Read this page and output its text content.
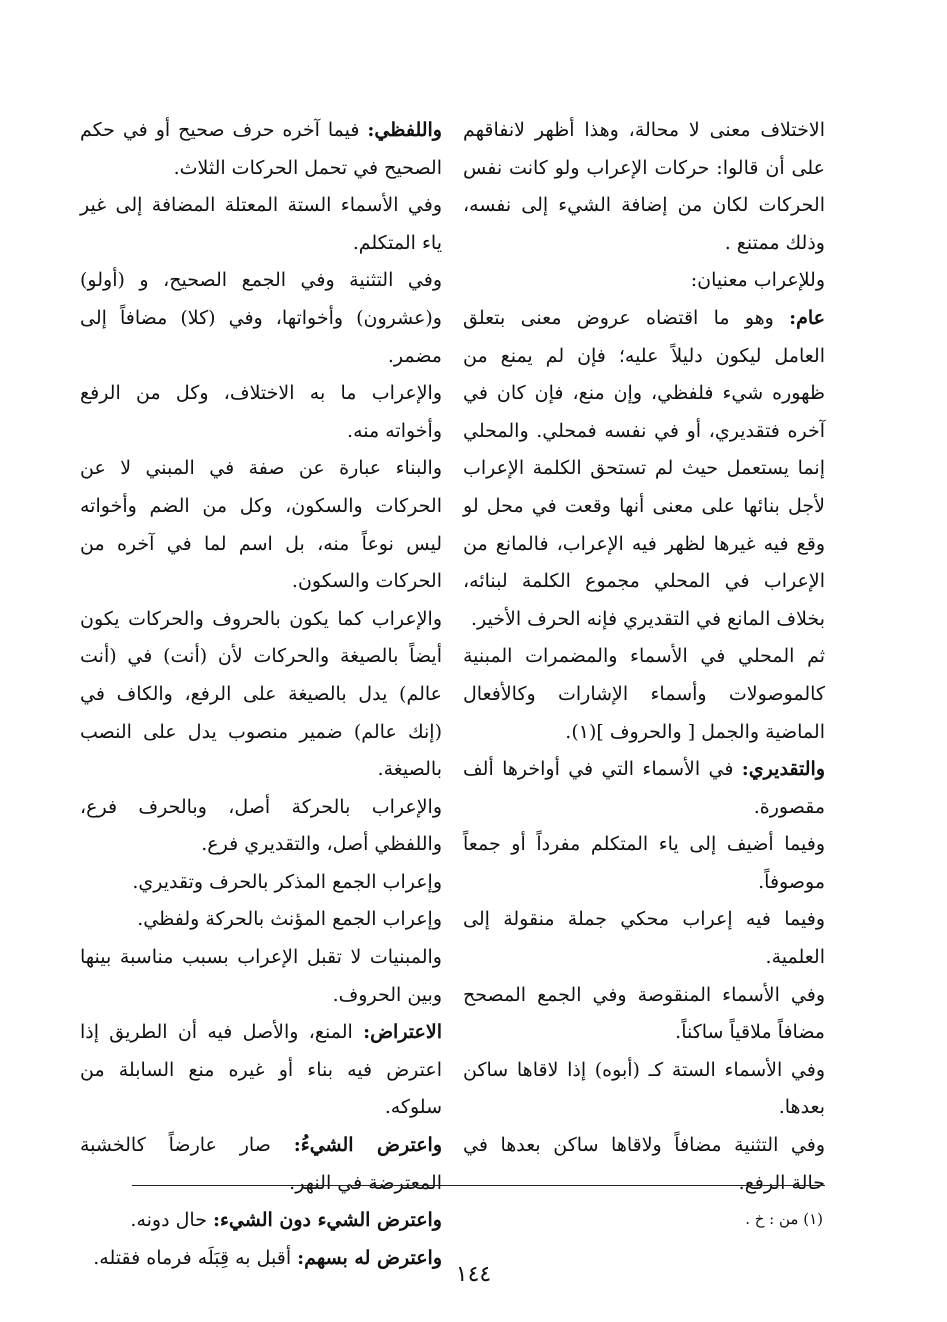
الاختلاف معنى لا محالة، وهذا أظهر لانفاقهم على أن قالوا: حركات الإعراب ولو كانت نفس الحركات لكان من إضافة الشيء إلى نفسه، وذلك ممتنع .

وللإعراب معنيان:

عام: وهو ما اقتضاه عروض معنى بتعلق العامل ليكون دليلاً عليه؛ فإن لم يمنع من ظهوره شيء فلفظي، وإن منع، فإن كان في آخره فتقديري، أو في نفسه فمحلي. والمحلي إنما يستعمل حيث لم تستحق الكلمة الإعراب لأجل بنائها على معنى أنها وقعت في محل لو وقع فيه غيرها لظهر فيه الإعراب، فالمانع من الإعراب في المحلي مجموع الكلمة لبنائه، بخلاف المانع في التقديري فإنه الحرف الأخير.

ثم المحلي في الأسماء والمضمرات المبنية كالموصولات وأسماء الإشارات وكالأفعال الماضية والجمل [ والحروف ](١).

والتقديري: في الأسماء التي في أواخرها ألف مقصورة.

وفيما أضيف إلى ياء المتكلم مفرداً أو جمعاً موصوفاً.

وفيما فيه إعراب محكي جملة منقولة إلى العلمية.

وفي الأسماء المنقوصة وفي الجمع المصحح مضافاً ملاقياً ساكناً.

وفي الأسماء الستة كـ (أبوه) إذا لاقاها ساكن بعدها.

وفي التثنية مضافاً ولاقاها ساكن بعدها في حالة الرفع.

واللفظي: فيما آخره حرف صحيح أو في حكم الصحيح في تحمل الحركات الثلاث.

وفي الأسماء الستة المعتلة المضافة إلى غير ياء المتكلم.

وفي التثنية وفي الجمع الصحيح، و (أولو) و(عشرون) وأخواتها، وفي (كلا) مضافاً إلى مضمر.

والإعراب ما به الاختلاف، وكل من الرفع وأخواته منه.

والبناء عبارة عن صفة في المبني لا عن الحركات والسكون، وكل من الضم وأخواته ليس نوعاً منه، بل اسم لما في آخره من الحركات والسكون.

والإعراب كما يكون بالحروف والحركات يكون أيضاً بالصيغة والحركات لأن (أنت) في (أنت عالم) يدل بالصيغة على الرفع، والكاف في (إنك عالم) ضمير منصوب يدل على النصب بالصيغة.

والإعراب بالحركة أصل، وبالحرف فرع، واللفظي أصل، والتقديري فرع.

وإعراب الجمع المذكر بالحرف وتقديري.

وإعراب الجمع المؤنث بالحركة ولفظي.

والمبنيات لا تقبل الإعراب بسبب مناسبة بينها وبين الحروف.

الاعتراض: المنع، والأصل فيه أن الطريق إذا اعترض فيه بناء أو غيره منع السابلة من سلوكه.

واعترض الشيءُ: صار عارضاً كالخشبة المعترضة في النهر.

واعترض الشيء دون الشيء: حال دونه.

واعترض له بسهم: أقبل به قِبَلَه فرماه فقتله.

(١) من : خ .
١٤٤
